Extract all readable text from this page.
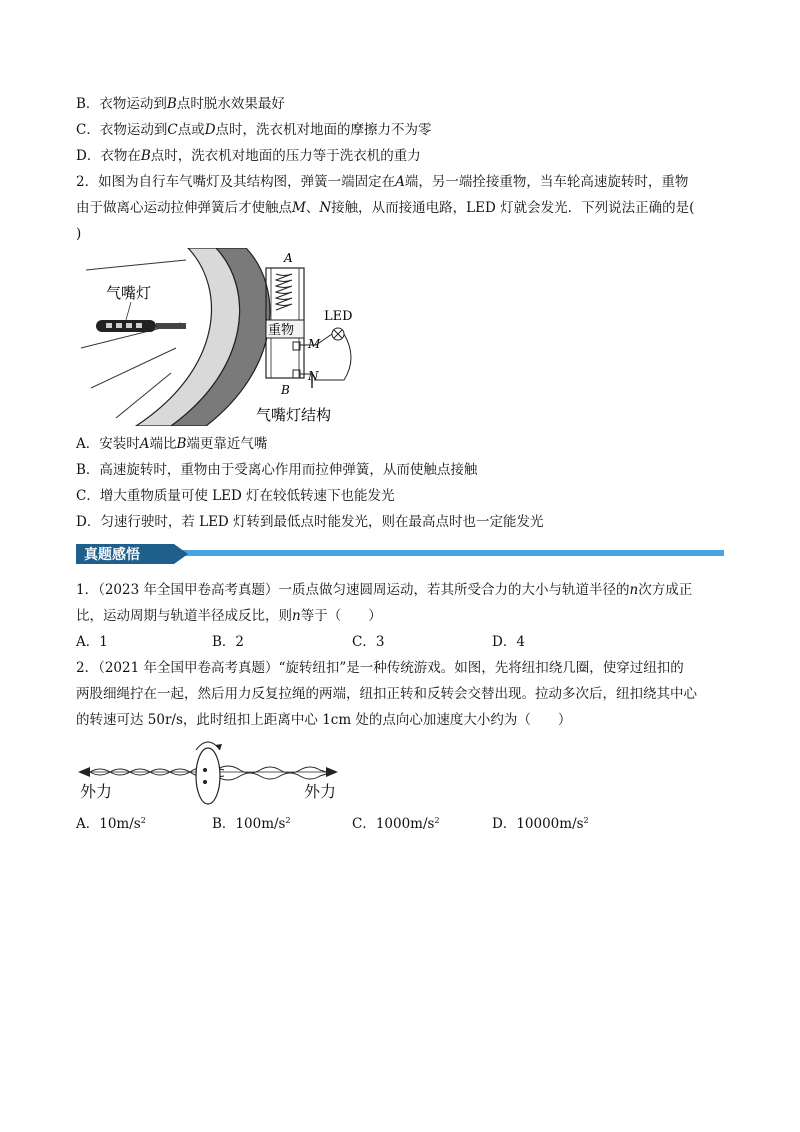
B．衣物运动到B点时脱水效果最好
C．衣物运动到C点或D点时，洗衣机对地面的摩擦力不为零
D．衣物在B点时，洗衣机对地面的压力等于洗衣机的重力
2．如图为自行车气嘴灯及其结构图，弹簧一端固定在A端，另一端拴接重物，当车轮高速旋转时，重物
由于做离心运动拉伸弹簧后才使触点M、N接触，从而接通电路，LED 灯就会发光．下列说法正确的是(
)
气嘴灯
A
重物
M
N
B
LED
气嘴灯结构
A．安装时A端比B端更靠近气嘴
B．高速旋转时，重物由于受离心作用而拉伸弹簧，从而使触点接触
C．增大重物质量可使 LED 灯在较低转速下也能发光
D．匀速行驶时，若 LED 灯转到最低点时能发光，则在最高点时也一定能发光
真题感悟
1．（2023 年全国甲卷高考真题）一质点做匀速圆周运动，若其所受合力的大小与轨道半径的n次方成正
比，运动周期与轨道半径成反比，则n等于（　　）
A．1	B．2	C．3	D．4
2．（2021 年全国甲卷高考真题）“旋转纽扣”是一种传统游戏。如图，先将纽扣绕几圈，使穿过纽扣的
两股细绳拧在一起，然后用力反复拉绳的两端，纽扣正转和反转会交替出现。拉动多次后，纽扣绕其中心
的转速可达 50r/s，此时纽扣上距离中心 1cm 处的点向心加速度大小约为（　　）
外力	外力
A．$10m/s^2$	B．$100m/s^2$	C．$1000m/s^2$	D．$10000m/s^2$
